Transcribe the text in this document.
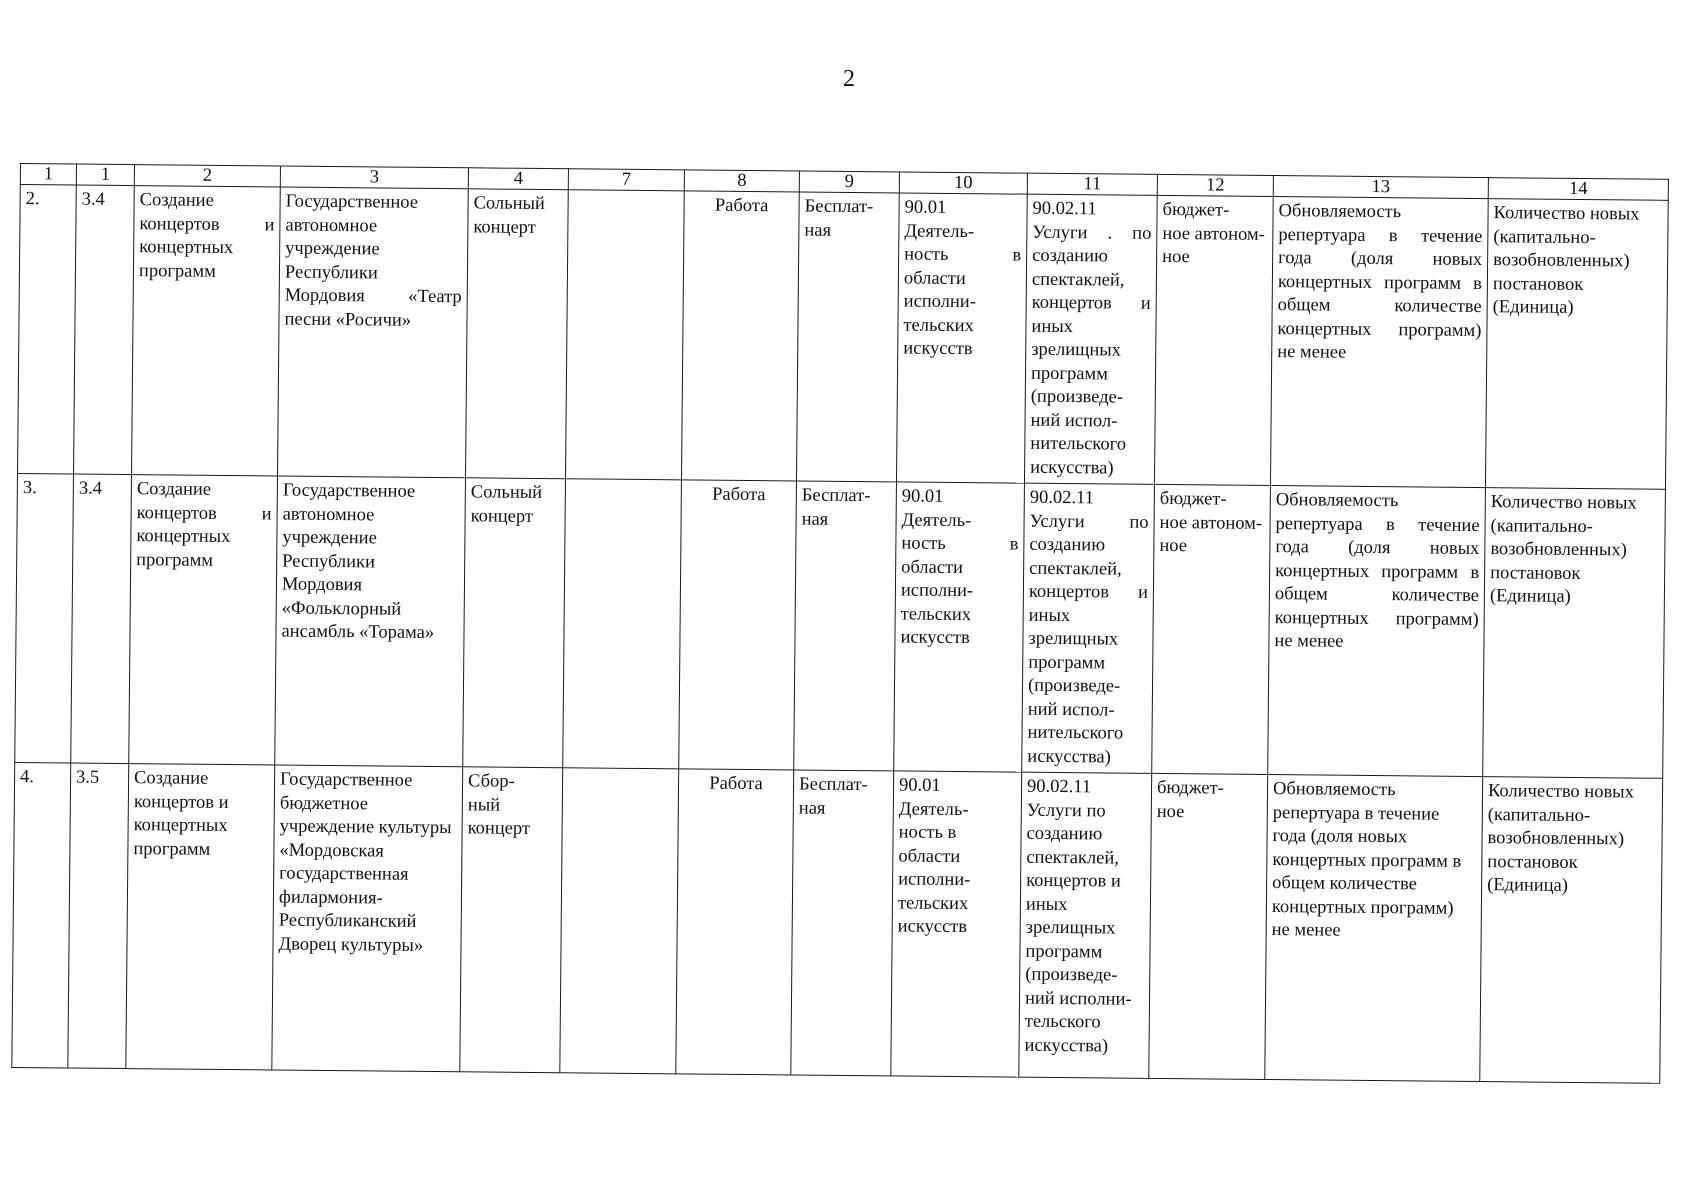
2
1	1	2	3	4	7	8	9	10	11	12	13	14
2.	3.4	Создание концертов и концертных программ	Государственное автономное учреждение Республики Мордовия «Театр песни «Росичи»	Сольный концерт		Работа	Бесплат-
ная	90.01
Деятель-
ность в области исполни-
тельских искусств	90.02.11
Услуги . по созданию спектаклей, концертов и иных зрелищных программ (произведе-
ний испол-
нительского искусства)	бюджет-
ное автоном-
ное	Обновляемость репертуара в течение года (доля новых концертных программ в общем количестве концертных программ) не менее	Количество новых (капитально-
возобновленных) постановок (Единица)
3.	3.4	Создание концертов и концертных программ	Государственное автономное учреждение Республики Мордовия «Фольклорный ансамбль «Торама»	Сольный концерт		Работа	Бесплат-
ная	90.01
Деятель-
ность в области исполни-
тельских искусств	90.02.11
Услуги по созданию спектаклей, концертов и иных зрелищных программ (произведе-
ний испол-
нительского искусства)	бюджет-
ное автоном-
ное	Обновляемость репертуара в течение года (доля новых концертных программ в общем количестве концертных программ) не менее	Количество новых (капитально-
возобновленных) постановок (Единица)
4.	3.5	Создание концертов и концертных программ	Государственное бюджетное учреждение культуры «Мордовская государственная филармония-
Республиканский Дворец культуры»	Сбор-
ный концерт		Работа	Бесплат-
ная	90.01
Деятель-
ность в области исполни-
тельских искусств	90.02.11
Услуги по созданию спектаклей, концертов и иных зрелищных программ (произведе-
ний исполни-
тельского искусства)	бюджет-
ное	Обновляемость репертуара в течение года (доля новых концертных программ в общем количестве концертных программ) не менее	Количество новых (капитально-
возобновленных) постановок (Единица)
